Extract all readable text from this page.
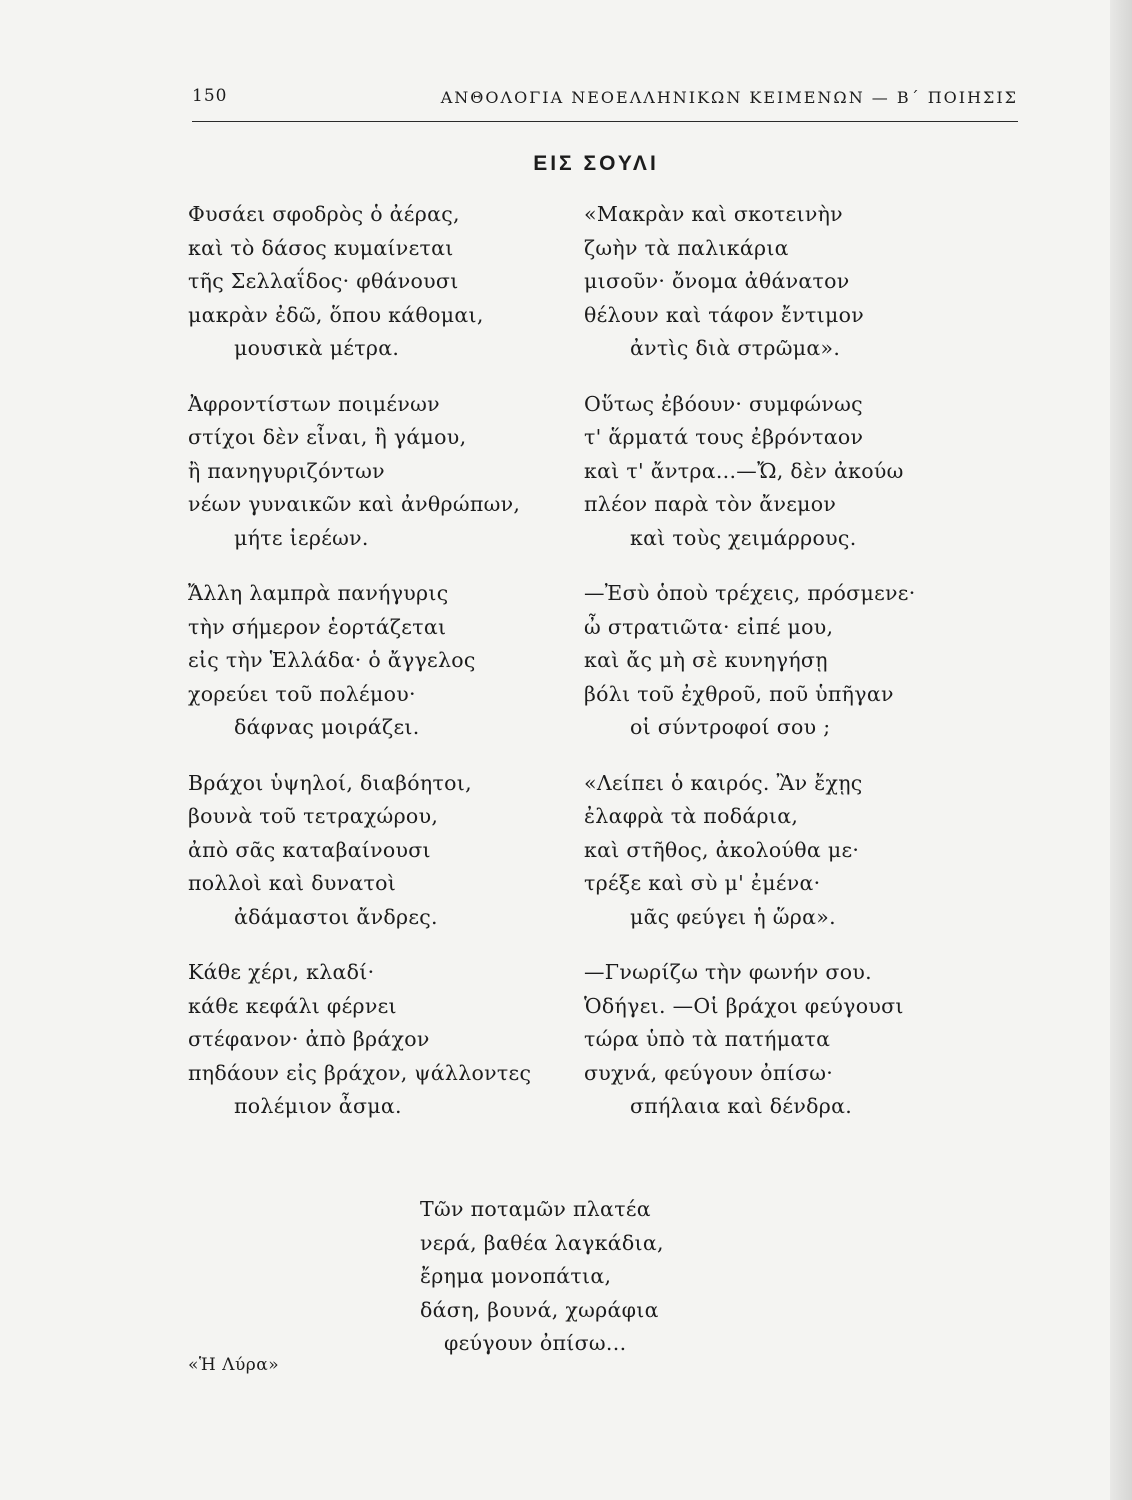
150	ΑΝΘΟΛΟΓΙΑ ΝΕΟΕΛΛΗΝΙΚΩΝ ΚΕΙΜΕΝΩΝ — Β΄ ΠΟΙΗΣΙΣ
ΕΙΣ ΣΟΥΛΙ
Φυσάει σφοδρὸς ὁ ἀέρας,
καὶ τὸ δάσος κυμαίνεται
τῆς Σελλαΐδος· φθάνουσι
μακρὰν ἐδῶ, ὅπου κάθομαι,
μουσικὰ μέτρα.
Ἀφροντίστων ποιμένων
στίχοι δὲν εἶναι, ἢ γάμου,
ἢ πανηγυριζόντων
νέων γυναικῶν καὶ ἀνθρώπων,
μήτε ἱερέων.
Ἄλλη λαμπρὰ πανήγυρις
τὴν σήμερον ἑορτάζεται
εἰς τὴν Ἑλλάδα· ὁ ἄγγελος
χορεύει τοῦ πολέμου·
δάφνας μοιράζει.
Βράχοι ὑψηλοί, διαβόητοι,
βουνὰ τοῦ τετραχώρου,
ἀπὸ σᾶς καταβαίνουσι
πολλοὶ καὶ δυνατοὶ
ἀδάμαστοι ἄνδρες.
Κάθε χέρι, κλαδί·
κάθε κεφάλι φέρνει
στέφανον· ἀπὸ βράχον
πηδάουν εἰς βράχον, ψάλλοντες
πολέμιον ἆσμα.
«Μακρὰν καὶ σκοτεινὴν
ζωὴν τὰ παλικάρια
μισοῦν· ὄνομα ἀθάνατον
θέλουν καὶ τάφον ἔντιμον
ἀντὶς διὰ στρῶμα».
Οὕτως ἐβόουν· συμφώνως
τ' ἅρματά τους ἐβρόνταον
καὶ τ' ἄντρα...—Ὤ, δὲν ἀκούω
πλέον παρὰ τὸν ἄνεμον
καὶ τοὺς χειμάρρους.
—Ἐσὺ ὁποὺ τρέχεις, πρόσμενε·
ὦ στρατιῶτα· εἰπέ μου,
καὶ ἄς μὴ σὲ κυνηγήσῃ
βόλι τοῦ ἐχθροῦ, ποῦ ὑπῆγαν
οἱ σύντροφοί σου ;
«Λείπει ὁ καιρός. Ἂν ἔχῃς
ἐλαφρὰ τὰ ποδάρια,
καὶ στῆθος, ἀκολούθα με·
τρέξε καὶ σὺ μ' ἐμένα·
μᾶς φεύγει ἡ ὥρα».
—Γνωρίζω τὴν φωνήν σου.
Ὁδήγει. —Οἱ βράχοι φεύγουσι
τώρα ὑπὸ τὰ πατήματα
συχνά, φεύγουν ὀπίσω·
σπήλαια καὶ δένδρα.
Τῶν ποταμῶν πλατέα
νερά, βαθέα λαγκάδια,
ἔρημα μονοπάτια,
δάση, βουνά, χωράφια
φεύγουν ὀπίσω...
«Ἡ Λύρα»
